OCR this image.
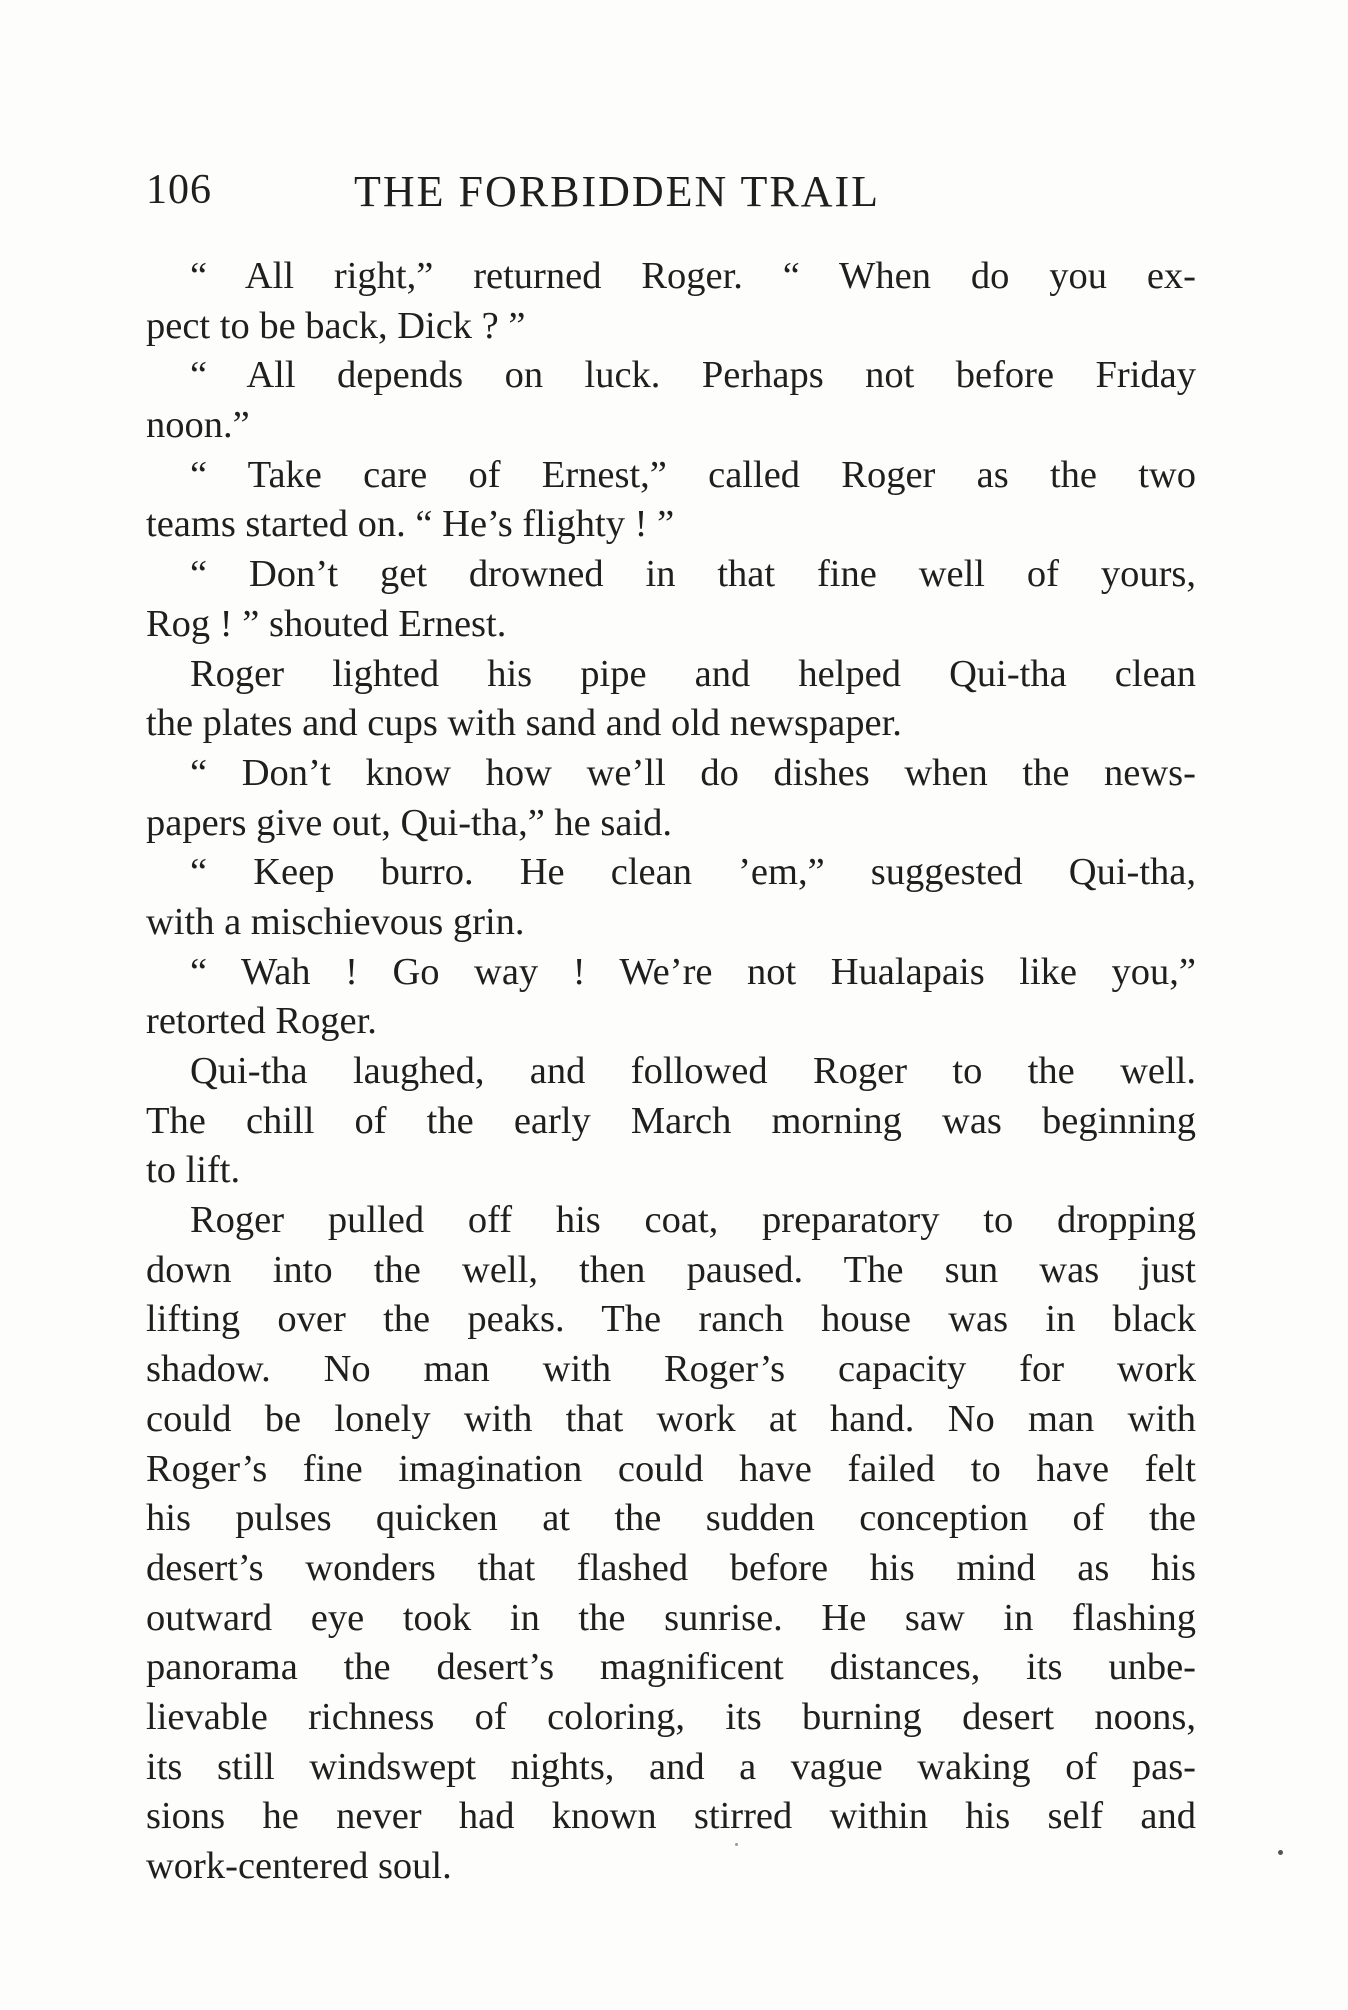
106	THE FORBIDDEN TRAIL
“ All right,” returned Roger. “ When do you ex-
pect to be back, Dick ? ”
“ All depends on luck. Perhaps not before Friday
noon.”
“ Take care of Ernest,” called Roger as the two
teams started on. “ He’s flighty ! ”
“ Don’t get drowned in that fine well of yours,
Rog ! ” shouted Ernest.
Roger lighted his pipe and helped Qui-tha clean
the plates and cups with sand and old newspaper.
“ Don’t know how we’ll do dishes when the news-
papers give out, Qui-tha,” he said.
“ Keep burro. He clean ’em,” suggested Qui-tha,
with a mischievous grin.
“ Wah ! Go way ! We’re not Hualapais like you,”
retorted Roger.
Qui-tha laughed, and followed Roger to the well.
The chill of the early March morning was beginning
to lift.
Roger pulled off his coat, preparatory to dropping
down into the well, then paused. The sun was just
lifting over the peaks. The ranch house was in black
shadow. No man with Roger’s capacity for work
could be lonely with that work at hand. No man with
Roger’s fine imagination could have failed to have felt
his pulses quicken at the sudden conception of the
desert’s wonders that flashed before his mind as his
outward eye took in the sunrise. He saw in flashing
panorama the desert’s magnificent distances, its unbe-
lievable richness of coloring, its burning desert noons,
its still windswept nights, and a vague waking of pas-
sions he never had known stirred within his self and
work-centered soul.
